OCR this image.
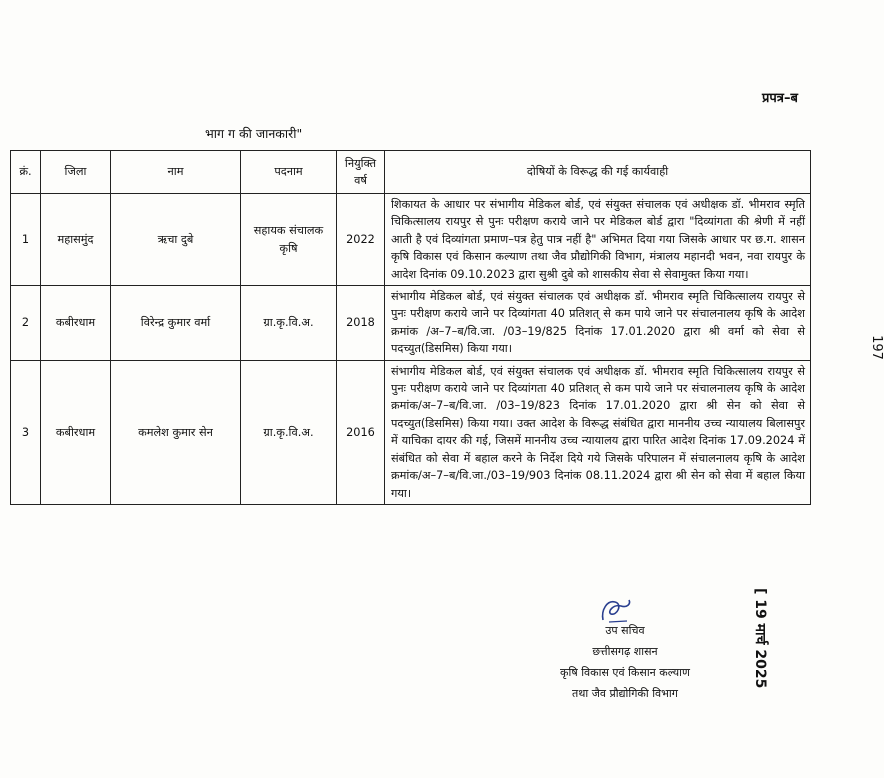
प्रपत्र–ब
भाग ग की जानकारी"
क्रं.	जिला	नाम	पदनाम	नियुक्ति वर्ष	दोषियों के विरूद्ध की गई कार्यवाही
1	महासमुंद	ऋचा दुबे	सहायक संचालक कृषि	2022	शिकायत के आधार पर संभागीय मेडिकल बोर्ड, एवं संयुक्त संचालक एवं अधीक्षक डॉ. भीमराव स्मृति चिकित्सालय रायपुर से पुनः परीक्षण कराये जाने पर मेडिकल बोर्ड द्वारा "दिव्यांगता की श्रेणी में नहीं आती है एवं दिव्यांगता प्रमाण–पत्र हेतु पात्र नहीं है" अभिमत दिया गया जिसके आधार पर छ.ग. शासन कृषि विकास एवं किसान कल्याण तथा जैव प्रौद्योगिकी विभाग, मंत्रालय महानदी भवन, नवा रायपुर के आदेश दिनांक 09.10.2023 द्वारा सुश्री दुबे को शासकीय सेवा से सेवामुक्त किया गया।
2	कबीरधाम	विरेन्द्र कुमार वर्मा	ग्रा.कृ.वि.अ.	2018	संभागीय मेडिकल बोर्ड, एवं संयुक्त संचालक एवं अधीक्षक डॉ. भीमराव स्मृति चिकित्सालय रायपुर से पुनः परीक्षण कराये जाने पर दिव्यांगता 40 प्रतिशत् से कम पाये जाने पर संचालनालय कृषि के आदेश क्रमांक /अ–7–ब/वि.जा. /03–19/825 दिनांक 17.01.2020 द्वारा श्री वर्मा को सेवा से पदच्युत(डिसमिस) किया गया।
3	कबीरधाम	कमलेश कुमार सेन	ग्रा.कृ.वि.अ.	2016	संभागीय मेडिकल बोर्ड, एवं संयुक्त संचालक एवं अधीक्षक डॉ. भीमराव स्मृति चिकित्सालय रायपुर से पुनः परीक्षण कराये जाने पर दिव्यांगता 40 प्रतिशत् से कम पाये जाने पर संचालनालय कृषि के आदेश क्रमांक/अ–7–ब/वि.जा. /03–19/823 दिनांक 17.01.2020 द्वारा श्री सेन को सेवा से पदच्युत(डिसमिस) किया गया। उक्त आदेश के विरूद्ध संबंधित द्वारा माननीय उच्च न्यायालय बिलासपुर में याचिका दायर की गई, जिसमें माननीय उच्च न्यायालय द्वारा पारित आदेश दिनांक 17.09.2024 में संबंधित को सेवा में बहाल करने के निर्देश दिये गये जिसके परिपालन में संचालनालय कृषि के आदेश क्रमांक/अ–7–ब/वि.जा./03–19/903 दिनांक 08.11.2024 द्वारा श्री सेन को सेवा में बहाल किया गया।
197
[ 19 मार्च 2025
उप सचिव
छत्तीसगढ़ शासन
कृषि विकास एवं किसान कल्याण
तथा जैव प्रौद्योगिकी विभाग
